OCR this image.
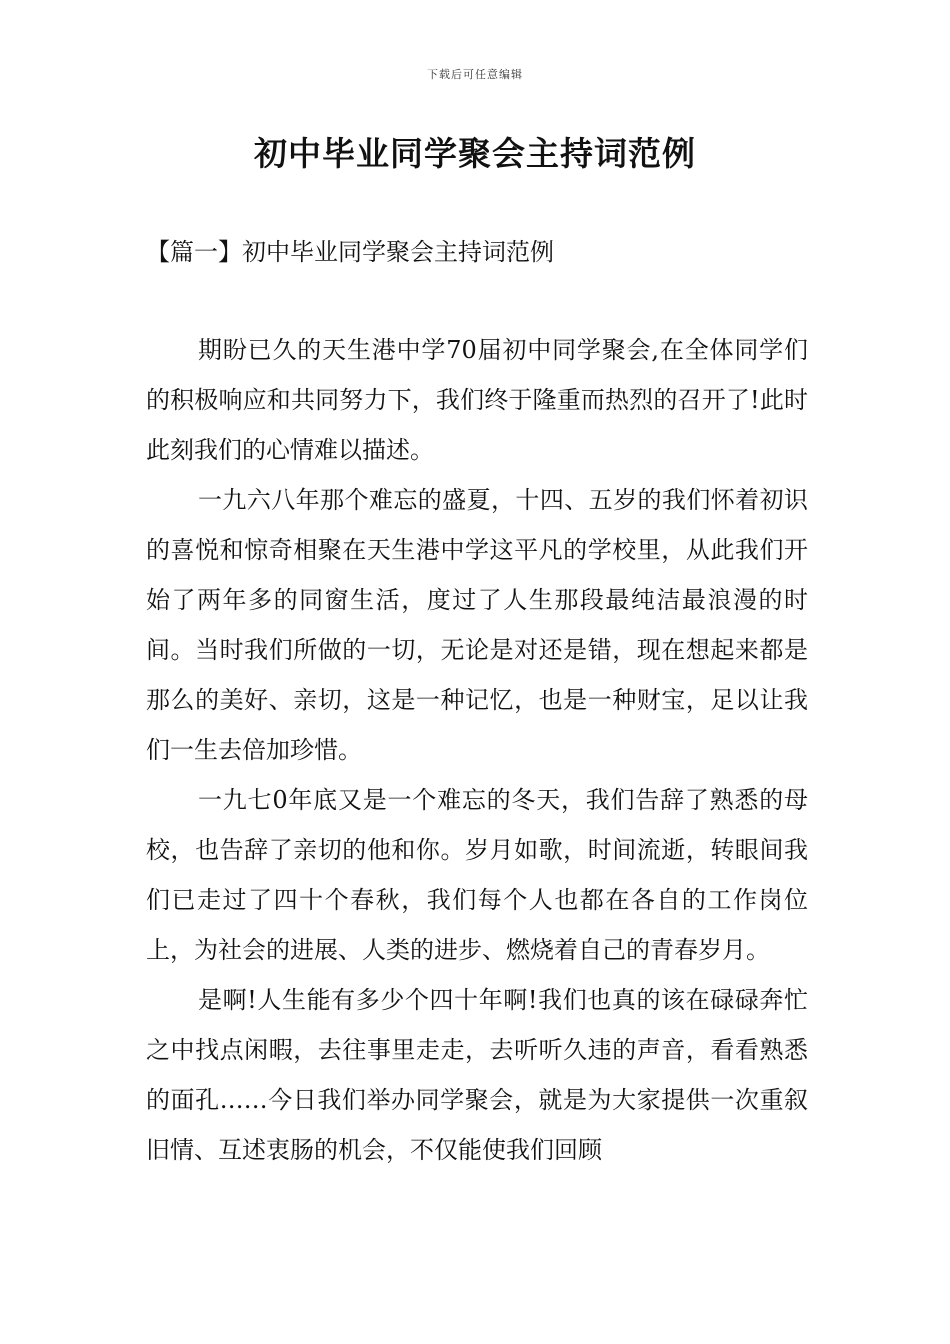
下载后可任意编辑
初中毕业同学聚会主持词范例
【篇一】初中毕业同学聚会主持词范例

期盼已久的天生港中学70届初中同学聚会,在全体同学们的积极响应和共同努力下，我们终于隆重而热烈的召开了!此时此刻我们的心情难以描述。

一九六八年那个难忘的盛夏，十四、五岁的我们怀着初识的喜悦和惊奇相聚在天生港中学这平凡的学校里，从此我们开始了两年多的同窗生活，度过了人生那段最纯洁最浪漫的时间。当时我们所做的一切，无论是对还是错，现在想起来都是那么的美好、亲切，这是一种记忆，也是一种财宝，足以让我们一生去倍加珍惜。

一九七0年底又是一个难忘的冬天，我们告辞了熟悉的母校，也告辞了亲切的他和你。岁月如歌，时间流逝，转眼间我们已走过了四十个春秋，我们每个人也都在各自的工作岗位上，为社会的进展、人类的进步、燃烧着自己的青春岁月。

是啊!人生能有多少个四十年啊!我们也真的该在碌碌奔忙之中找点闲暇，去往事里走走，去听听久违的声音，看看熟悉的面孔……今日我们举办同学聚会，就是为大家提供一次重叙旧情、互述衷肠的机会，不仅能使我们回顾
